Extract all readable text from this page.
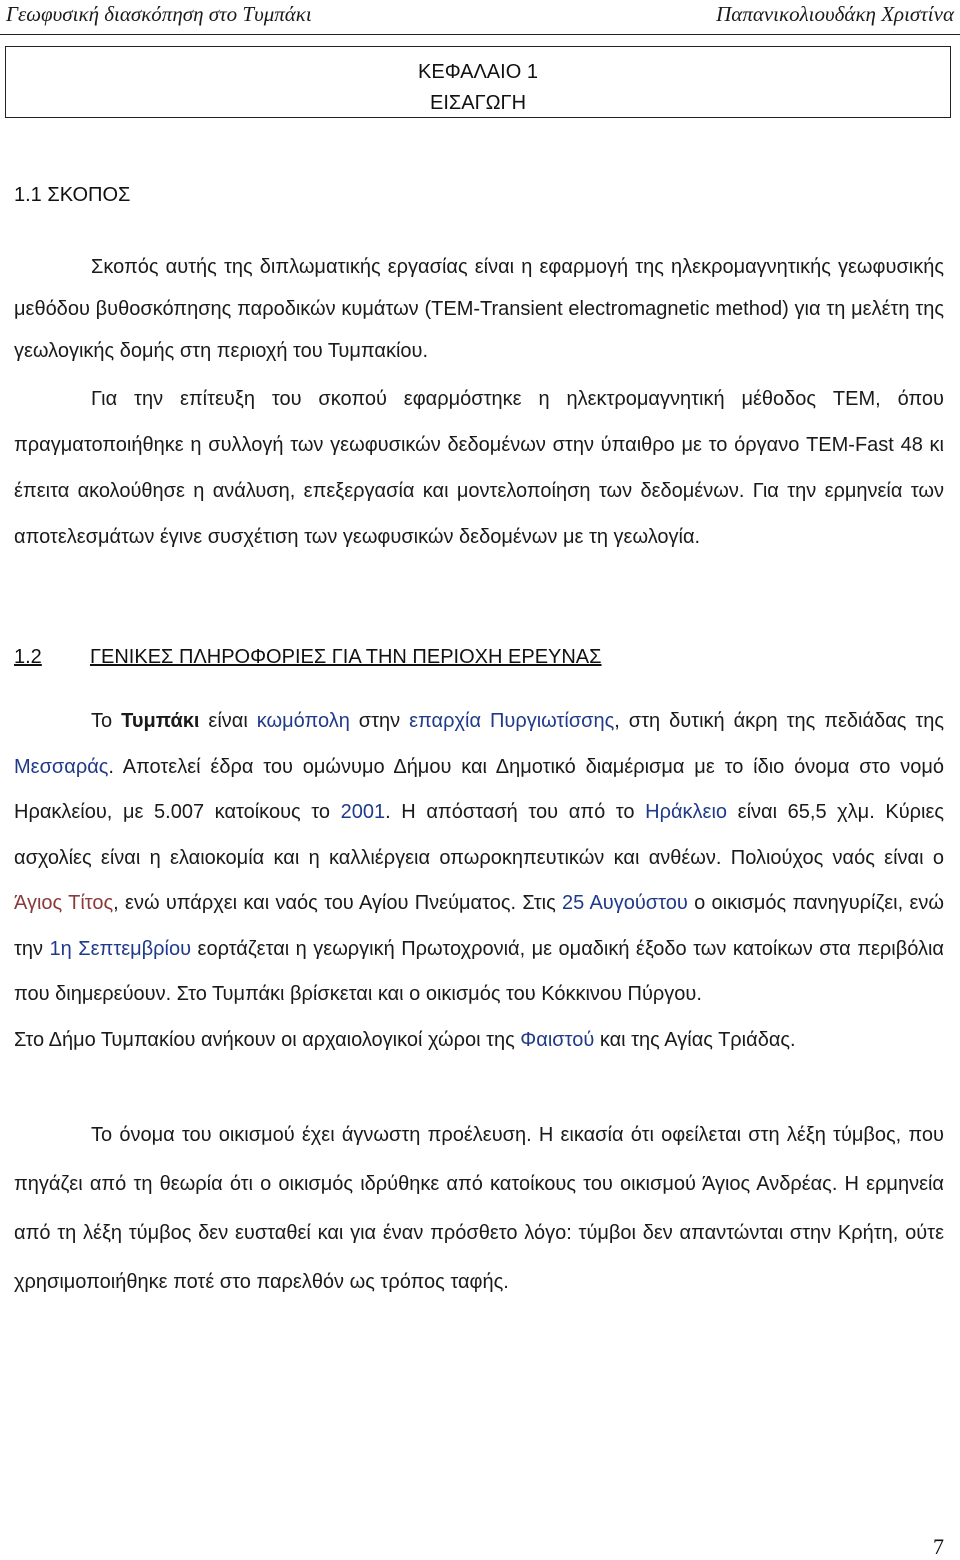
Γεωφυσική διασκόπηση στο Τυμπάκι	Παπανικολιουδάκη Χριστίνα
ΚΕΦΑΛΑΙΟ 1
ΕΙΣΑΓΩΓΗ
1.1 ΣΚΟΠΟΣ
Σκοπός αυτής της διπλωματικής εργασίας είναι η εφαρμογή της ηλεκρομαγνητικής γεωφυσικής μεθόδου βυθοσκόπησης παροδικών κυμάτων (TEM-Transient electromagnetic method) για τη μελέτη της γεωλογικής δομής στη περιοχή του Τυμπακίου.
Για την επίτευξη του σκοπού εφαρμόστηκε η ηλεκτρομαγνητική μέθοδος TEM, όπου πραγματοποιήθηκε η συλλογή των γεωφυσικών δεδομένων στην ύπαιθρο με το όργανο TEM-Fast 48 κι έπειτα ακολούθησε η ανάλυση, επεξεργασία και μοντελοποίηση των δεδομένων. Για την ερμηνεία των αποτελεσμάτων έγινε συσχέτιση των γεωφυσικών δεδομένων με τη γεωλογία.
1.2 ΓΕΝΙΚΕΣ ΠΛΗΡΟΦΟΡΙΕΣ ΓΙΑ ΤΗΝ ΠΕΡΙΟΧΗ ΕΡΕΥΝΑΣ
Το Τυμπάκι είναι κωμόπολη στην επαρχία Πυργιωτίσσης, στη δυτική άκρη της πεδιάδας της Μεσσαράς. Αποτελεί έδρα του ομώνυμο Δήμου και Δημοτικό διαμέρισμα με το ίδιο όνομα στο νομό Ηρακλείου, με 5.007 κατοίκους το 2001. Η απόστασή του από το Ηράκλειο είναι 65,5 χλμ. Κύριες ασχολίες είναι η ελαιοκομία και η καλλιέργεια οπωροκηπευτικών και ανθέων. Πολιούχος ναός είναι ο Άγιος Τίτος, ενώ υπάρχει και ναός του Αγίου Πνεύματος. Στις 25 Αυγούστου ο οικισμός πανηγυρίζει, ενώ την 1η Σεπτεμβρίου εορτάζεται η γεωργική Πρωτοχρονιά, με ομαδική έξοδο των κατοίκων στα περιβόλια που διημερεύουν. Στο Τυμπάκι βρίσκεται και ο οικισμός του Κόκκινου Πύργου.
Στο Δήμο Τυμπακίου ανήκουν οι αρχαιολογικοί χώροι της Φαιστού και της Αγίας Τριάδας.
Το όνομα του οικισμού έχει άγνωστη προέλευση. Η εικασία ότι οφείλεται στη λέξη τύμβος, που πηγάζει από τη θεωρία ότι ο οικισμός ιδρύθηκε από κατοίκους του οικισμού Άγιος Ανδρέας. Η ερμηνεία από τη λέξη τύμβος δεν ευσταθεί και για έναν πρόσθετο λόγο: τύμβοι δεν απαντώνται στην Κρήτη, ούτε χρησιμοποιήθηκε ποτέ στο παρελθόν ως τρόπος ταφής.
7
